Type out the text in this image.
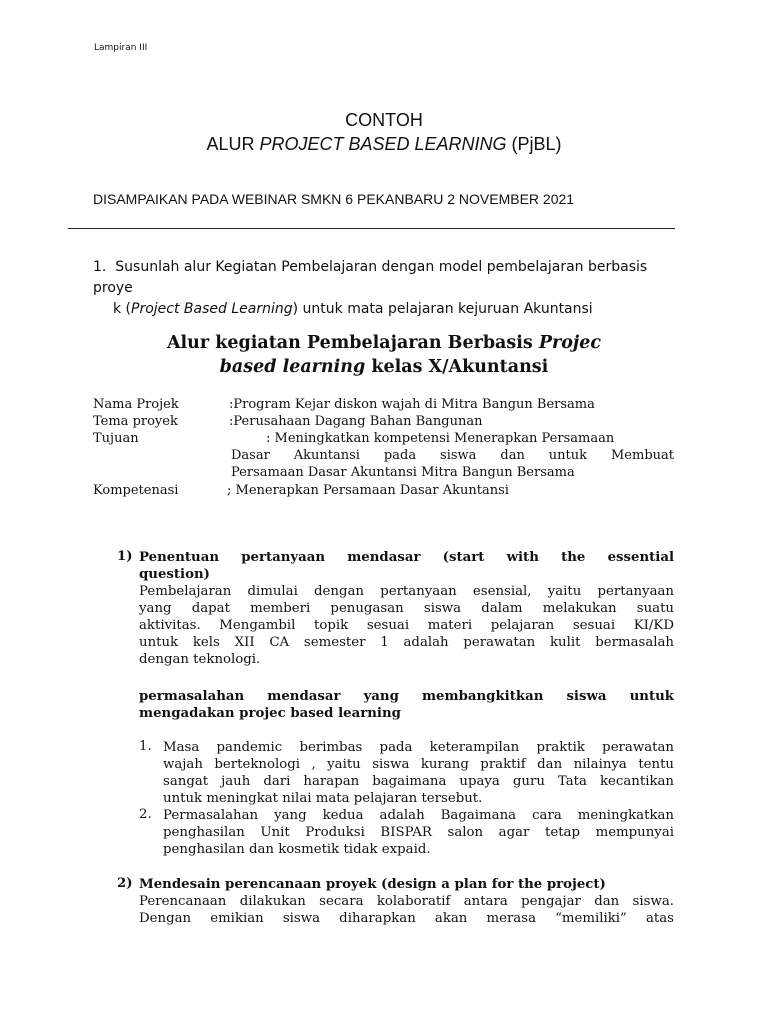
Lampiran III
CONTOH
ALUR PROJECT BASED LEARNING (PjBL)
DISAMPAIKAN PADA WEBINAR SMKN 6 PEKANBARU 2 NOVEMBER 2021
1. Susunlah alur Kegiatan Pembelajaran dengan model pembelajaran berbasis proye
k (Project Based Learning) untuk mata pelajaran kejuruan Akuntansi
Alur kegiatan Pembelajaran Berbasis Projec
based learning kelas X/Akuntansi
Nama Projek	:Program Kejar diskon wajah di Mitra Bangun Bersama
Tema proyek	:Perusahaan Dagang Bahan Bangunan
Tujuan	: Meningkatkan kompetensi Menerapkan Persamaan
Dasar Akuntansi pada siswa dan untuk Membuat
Persamaan Dasar Akuntansi Mitra Bangun Bersama
Kompetenasi	; Menerapkan Persamaan Dasar Akuntansi
1) Penentuan pertanyaan mendasar (start with the essential
question)
Pembelajaran dimulai dengan pertanyaan esensial, yaitu pertanyaan
yang dapat memberi penugasan siswa dalam melakukan suatu
aktivitas. Mengambil topik sesuai materi pelajaran sesuai KI/KD
untuk kels XII CA semester 1 adalah perawatan kulit bermasalah
dengan teknologi.
permasalahan mendasar yang membangkitkan siswa untuk
mengadakan projec based learning
1. Masa pandemic berimbas pada keterampilan praktik perawatan
wajah berteknologi , yaitu siswa kurang praktif dan nilainya tentu
sangat jauh dari harapan bagaimana upaya guru Tata kecantikan
untuk meningkat nilai mata pelajaran tersebut.
2. Permasalahan yang kedua adalah Bagaimana cara meningkatkan
penghasilan Unit Produksi BISPAR salon agar tetap mempunyai
penghasilan dan kosmetik tidak expaid.
2) Mendesain perencanaan proyek (design a plan for the project)
Perencanaan dilakukan secara kolaboratif antara pengajar dan siswa.
Dengan emikian siswa diharapkan akan merasa “memiliki” atas
